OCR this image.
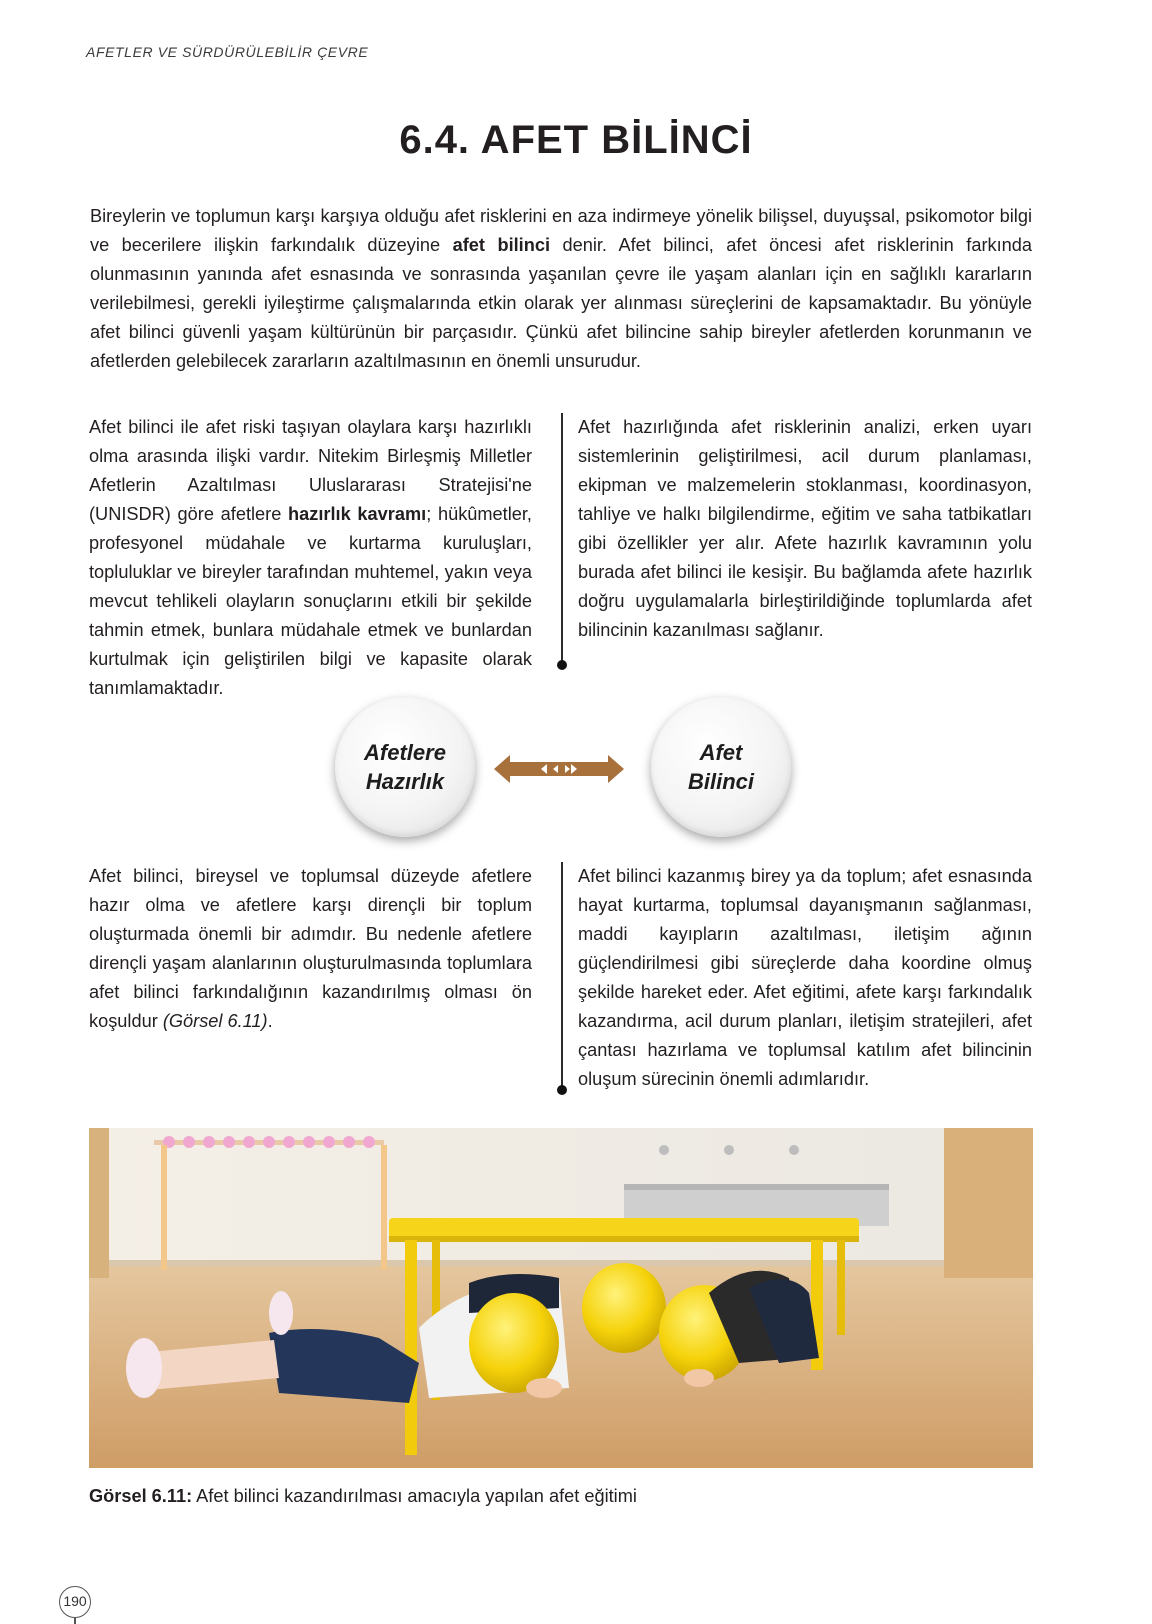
AFETLER VE SÜRDÜRÜLEBİLİR ÇEVRE
6.4. AFET BİLİNCİ

Bireylerin ve toplumun karşı karşıya olduğu afet risklerini en aza indirmeye yönelik bilişsel, duyuşsal, psikomotor bilgi ve becerilere ilişkin farkındalık düzeyine afet bilinci denir. Afet bilinci, afet öncesi afet risklerinin farkında olunmasının yanında afet esnasında ve sonrasında yaşanılan çevre ile yaşam alanları için en sağlıklı kararların verilebilmesi, gerekli iyileştirme çalışmalarında etkin olarak yer alınması süreçlerini de kapsamaktadır. Bu yönüyle afet bilinci güvenli yaşam kültürünün bir parçasıdır. Çünkü afet bilincine sahip bireyler afetlerden korunmanın ve afetlerden gelebilecek zararların azaltılmasının en önemli unsurudur.

Afet bilinci ile afet riski taşıyan olaylara karşı hazırlıklı olma arasında ilişki vardır. Nitekim Birleşmiş Milletler Afetlerin Azaltılması Uluslararası Stratejisi'ne (UNISDR) göre afetlere hazırlık kavramı; hükûmetler, profesyonel müdahale ve kurtarma kuruluşları, topluluklar ve bireyler tarafından muhtemel, yakın veya mevcut tehlikeli olayların sonuçlarını etkili bir şekilde tahmin etmek, bunlara müdahale etmek ve bunlardan kurtulmak için geliştirilen bilgi ve kapasite olarak tanımlamaktadır.

Afet hazırlığında afet risklerinin analizi, erken uyarı sistemlerinin geliştirilmesi, acil durum planlaması, ekipman ve malzemelerin stoklanması, koordinasyon, tahliye ve halkı bilgilendirme, eğitim ve saha tatbikatları gibi özellikler yer alır. Afete hazırlık kavramının yolu burada afet bilinci ile kesişir. Bu bağlamda afete hazırlık doğru uygulamalarla birleştirildiğinde toplumlarda afet bilincinin kazanılması sağlanır.

Afetlere
Hazırlık
Afet
Bilinci

Afet bilinci, bireysel ve toplumsal düzeyde afetlere hazır olma ve afetlere karşı dirençli bir toplum oluşturmada önemli bir adımdır. Bu nedenle afetlere dirençli yaşam alanlarının oluşturulmasında toplumlara afet bilinci farkındalığının kazandırılmış olması ön koşuldur (Görsel 6.11).

Afet bilinci kazanmış birey ya da toplum; afet esnasında hayat kurtarma, toplumsal dayanışmanın sağlanması, maddi kayıpların azaltılması, iletişim ağının güçlendirilmesi gibi süreçlerde daha koordine olmuş şekilde hareket eder. Afet eğitimi, afete karşı farkındalık kazandırma, acil durum planları, iletişim stratejileri, afet çantası hazırlama ve toplumsal katılım afet bilincinin oluşum sürecinin önemli adımlarıdır.

Görsel 6.11: Afet bilinci kazandırılması amacıyla yapılan afet eğitimi
190
